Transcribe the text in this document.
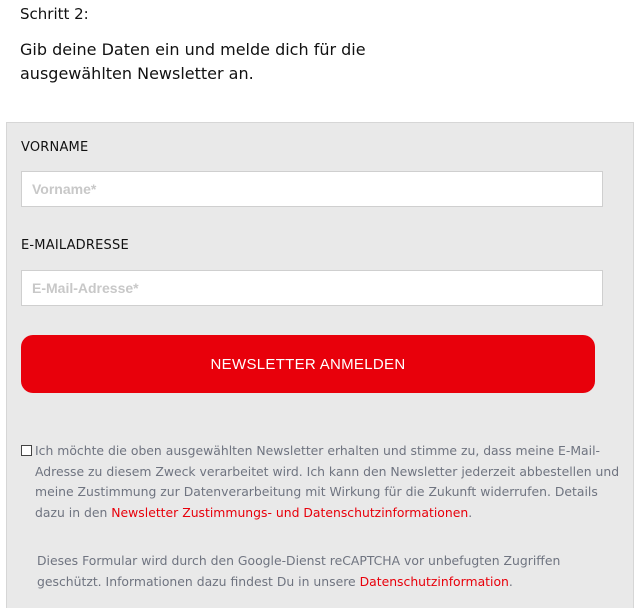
Schritt 2:

Gib deine Daten ein und melde dich für die ausgewählten Newsletter an.

VORNAME
Vorname*
E-MAILADRESSE
E-Mail-Adresse*
NEWSLETTER ANMELDEN
Ich möchte die oben ausgewählten Newsletter erhalten und stimme zu, dass meine E-Mail-Adresse zu diesem Zweck verarbeitet wird. Ich kann den Newsletter jederzeit abbestellen und meine Zustimmung zur Datenverarbeitung mit Wirkung für die Zukunft widerrufen. Details dazu in den Newsletter Zustimmungs- und Datenschutzinformationen.
Dieses Formular wird durch den Google-Dienst reCAPTCHA vor unbefugten Zugriffen geschützt. Informationen dazu findest Du in unsere Datenschutzinformation.
